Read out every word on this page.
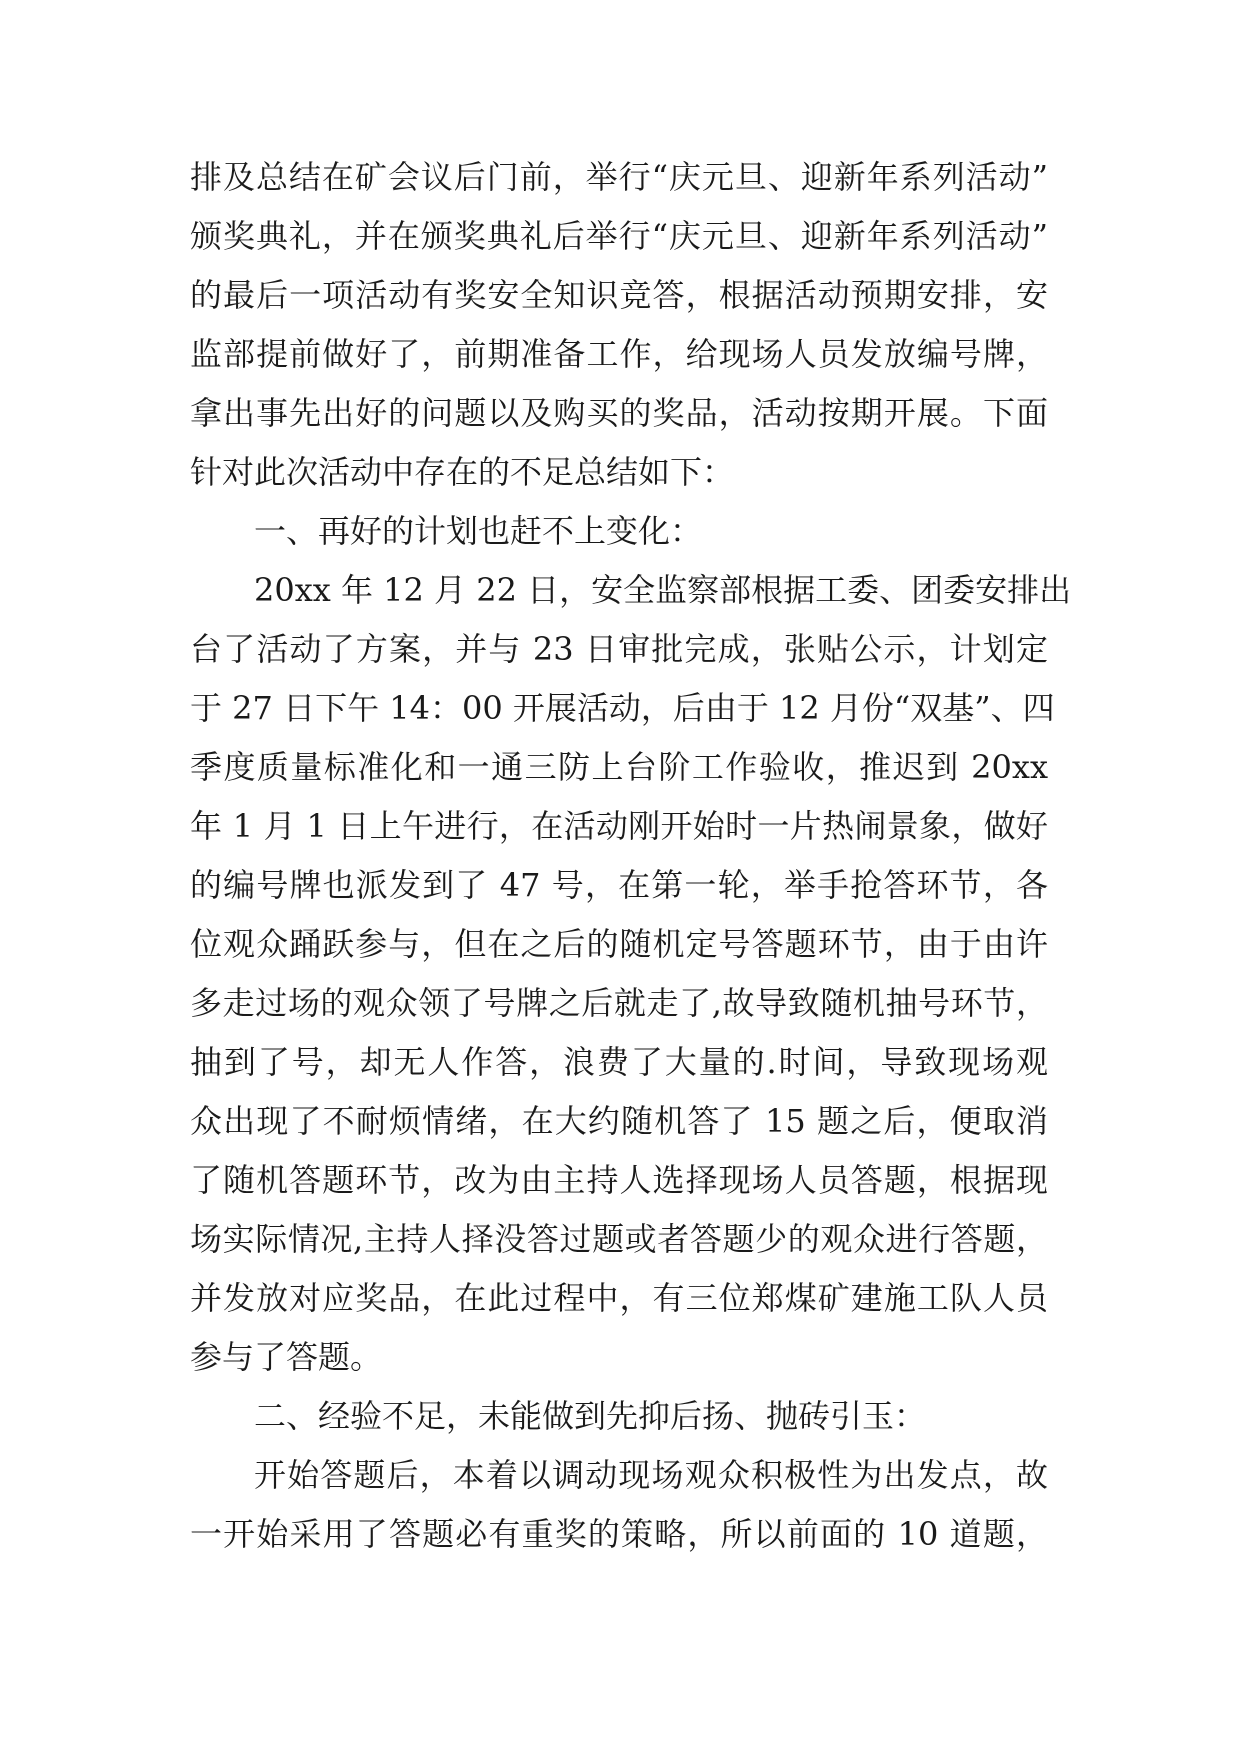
排及总结在矿会议后门前，举行“庆元旦、迎新年系列活动”
颁奖典礼，并在颁奖典礼后举行“庆元旦、迎新年系列活动”
的最后一项活动有奖安全知识竞答，根据活动预期安排，安
监部提前做好了，前期准备工作，给现场人员发放编号牌，
拿出事先出好的问题以及购买的奖品，活动按期开展。下面
针对此次活动中存在的不足总结如下：
一、再好的计划也赶不上变化：
20xx 年 12 月 22 日，安全监察部根据工委、团委安排出
台了活动了方案，并与 23 日审批完成，张贴公示，计划定
于 27 日下午 14：00 开展活动，后由于 12 月份“双基”、四
季度质量标准化和一通三防上台阶工作验收，推迟到 20xx
年 1 月 1 日上午进行，在活动刚开始时一片热闹景象，做好
的编号牌也派发到了 47 号，在第一轮，举手抢答环节，各
位观众踊跃参与，但在之后的随机定号答题环节，由于由许
多走过场的观众领了号牌之后就走了,故导致随机抽号环节，
抽到了号，却无人作答，浪费了大量的.时间，导致现场观
众出现了不耐烦情绪，在大约随机答了 15 题之后，便取消
了随机答题环节，改为由主持人选择现场人员答题，根据现
场实际情况,主持人择没答过题或者答题少的观众进行答题，
并发放对应奖品，在此过程中，有三位郑煤矿建施工队人员
参与了答题。
二、经验不足，未能做到先抑后扬、抛砖引玉：
开始答题后，本着以调动现场观众积极性为出发点，故
一开始采用了答题必有重奖的策略，所以前面的 10 道题，
